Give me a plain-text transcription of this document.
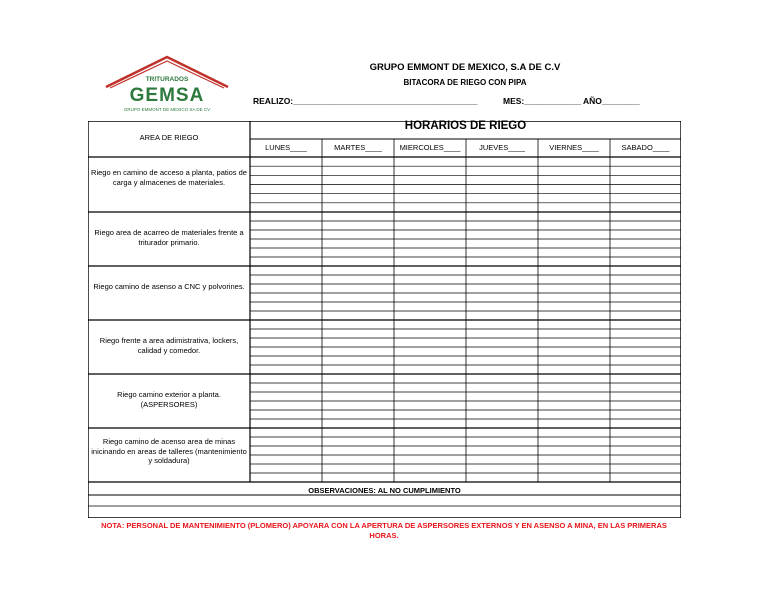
TRITURADOS
GEMSA
GRUPO EMMONT DE MEXICO SA DE CV
GRUPO EMMONT DE MEXICO, S.A DE C.V
BITACORA DE RIEGO CON PIPA
REALIZO:_______________________________________	MES:____________ AÑO________
AREA DE RIEGO
HORARIOS DE RIEGO
LUNES____	MARTES____	MIERCOLES____	JUEVES____	VIERNES____	SABADO____
Riego en camino de acceso a planta, patios de carga y almacenes de materiales.
Riego area de acarreo de materiales frente a triturador primario.
Riego camino de asenso a CNC y polvorines.
Riego frente a area adimistrativa, lockers, calidad y comedor.
Riego camino exterior a planta. (ASPERSORES)
Riego camino de acenso area de minas inicinando en areas de talleres (mantenimiento y soldadura)
OBSERVACIONES: AL NO CUMPLIMIENTO
NOTA: PERSONAL DE MANTENIMIENTO (PLOMERO) APOYARA CON LA APERTURA DE ASPERSORES EXTERNOS Y EN ASENSO A MINA, EN LAS PRIMERAS HORAS.
